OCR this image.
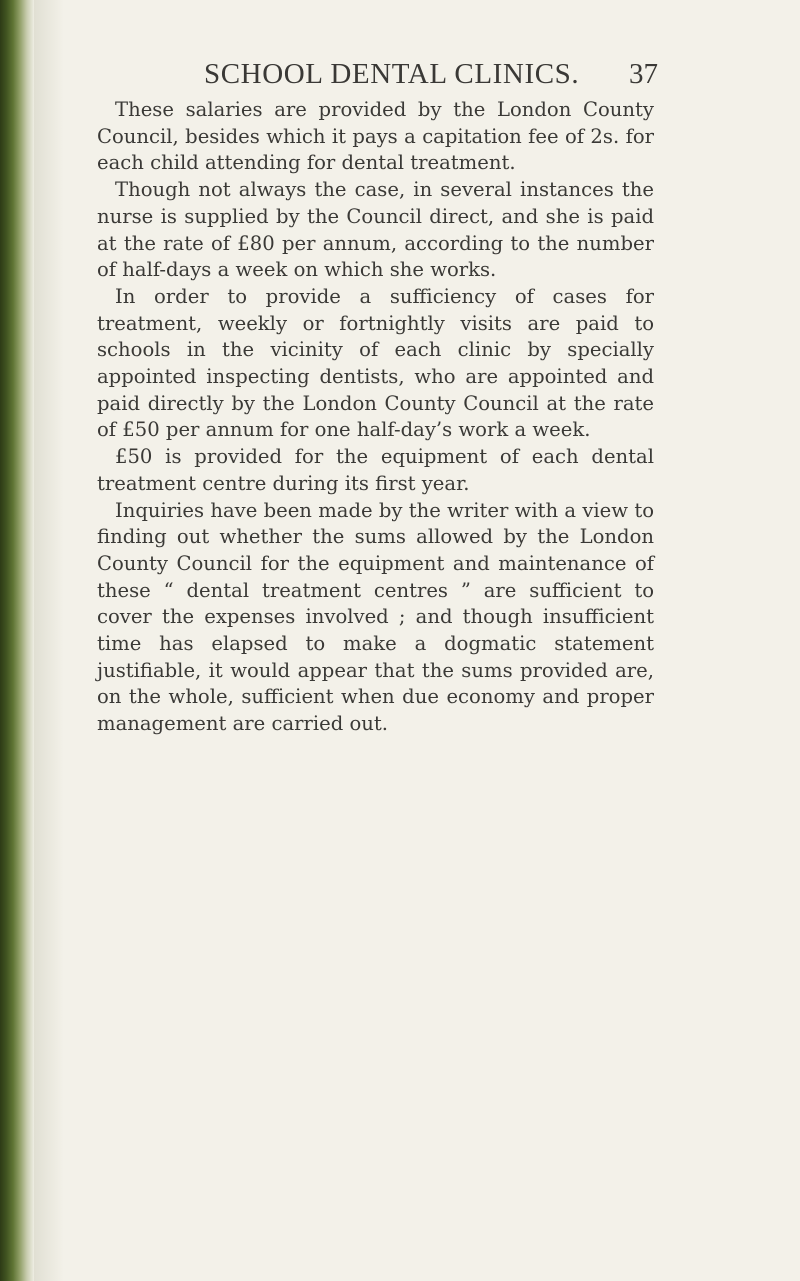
SCHOOL DENTAL CLINICS. 37

These salaries are provided by the London County Council, besides which it pays a capitation fee of 2s. for each child attending for dental treatment.

Though not always the case, in several instances the nurse is supplied by the Council direct, and she is paid at the rate of £80 per annum, according to the number of half-days a week on which she works.

In order to provide a sufficiency of cases for treatment, weekly or fortnightly visits are paid to schools in the vicinity of each clinic by specially appointed inspecting dentists, who are appointed and paid directly by the London County Council at the rate of £50 per annum for one half-day’s work a week.

£50 is provided for the equipment of each dental treatment centre during its first year.

Inquiries have been made by the writer with a view to finding out whether the sums allowed by the London County Council for the equipment and maintenance of these “ dental treatment centres ” are sufficient to cover the expenses involved ; and though insufficient time has elapsed to make a dogmatic statement justifiable, it would appear that the sums provided are, on the whole, sufficient when due economy and proper management are carried out.
